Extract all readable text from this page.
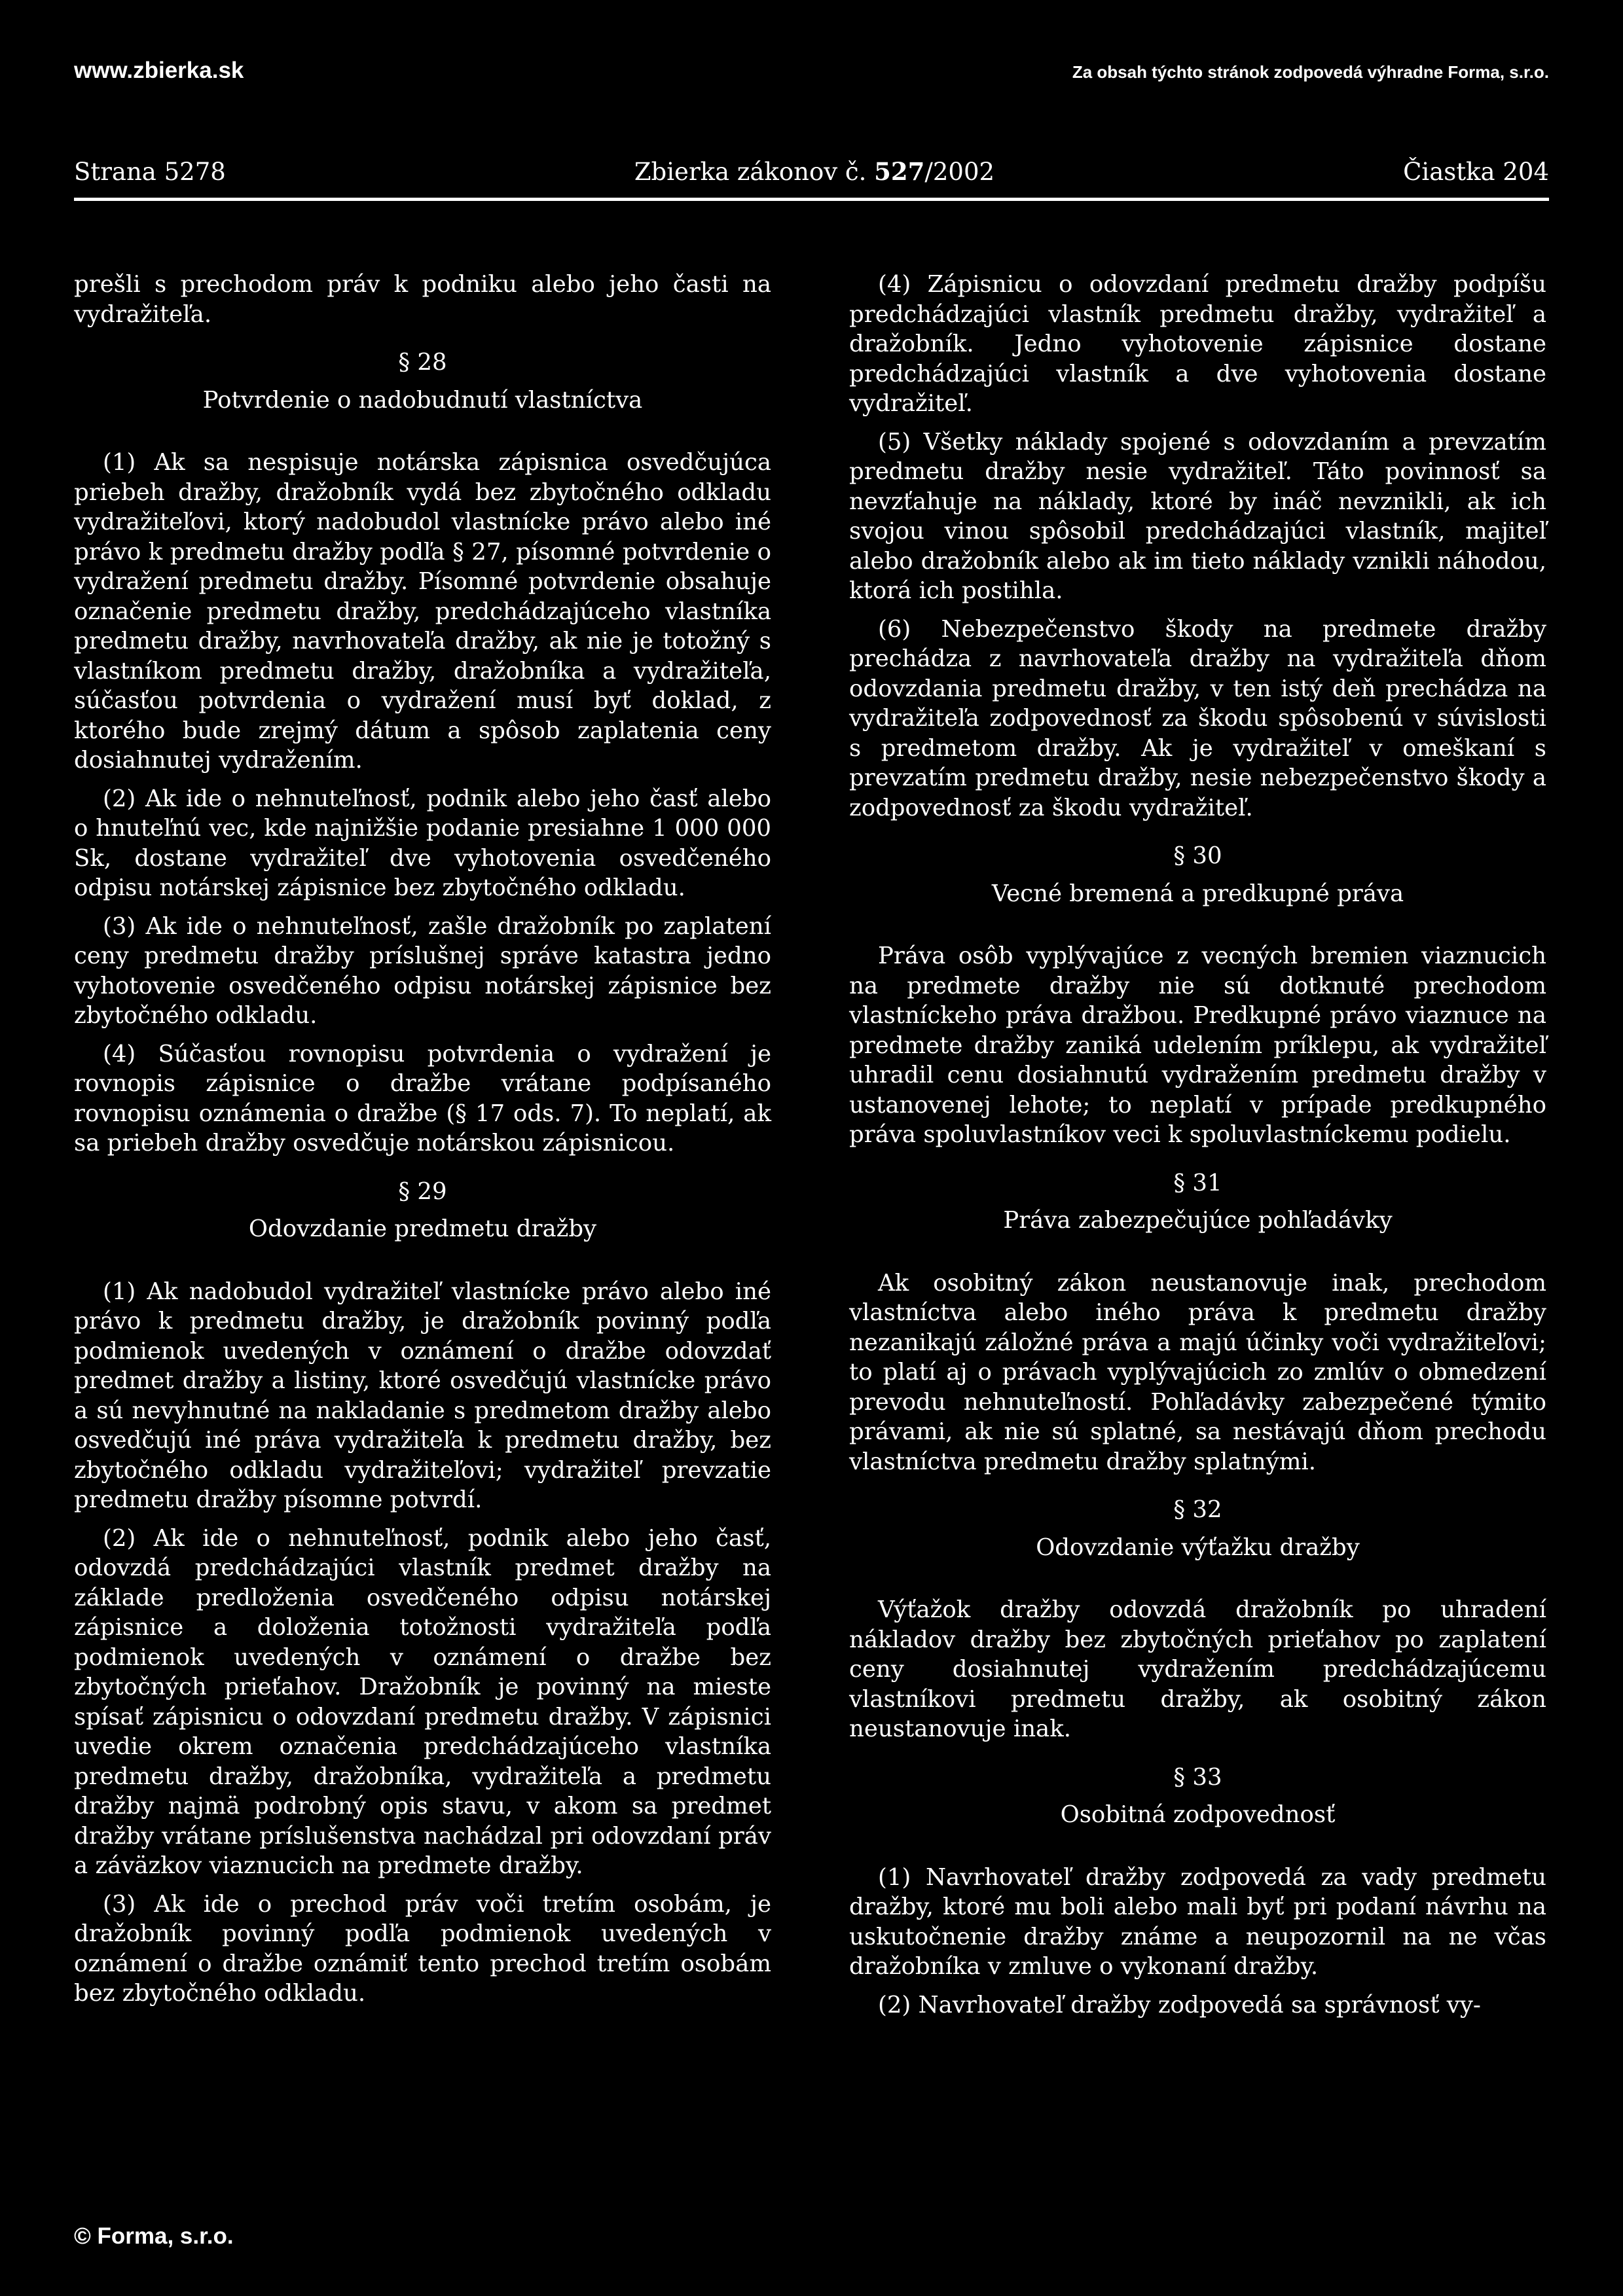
www.zbierka.sk	Za obsah týchto stránok zodpovedá výhradne Forma, s.r.o.
Strana 5278	Zbierka zákonov č. 527/2002	Čiastka 204

prešli s prechodom práv k podniku alebo jeho časti na vydražiteľa.

§ 28
Potvrdenie o nadobudnutí vlastníctva

(1) Ak sa nespisuje notárska zápisnica osvedčujúca priebeh dražby, dražobník vydá bez zbytočného odkladu vydražiteľovi, ktorý nadobudol vlastnícke právo alebo iné právo k predmetu dražby podľa § 27, písomné potvrdenie o vydražení predmetu dražby. Písomné potvrdenie obsahuje označenie predmetu dražby, predchádzajúceho vlastníka predmetu dražby, navrhovateľa dražby, ak nie je totožný s vlastníkom predmetu dražby, dražobníka a vydražiteľa, súčasťou potvrdenia o vydražení musí byť doklad, z ktorého bude zrejmý dátum a spôsob zaplatenia ceny dosiahnutej vydražením.

(2) Ak ide o nehnuteľnosť, podnik alebo jeho časť alebo o hnuteľnú vec, kde najnižšie podanie presiahne 1 000 000 Sk, dostane vydražiteľ dve vyhotovenia osvedčeného odpisu notárskej zápisnice bez zbytočného odkladu.

(3) Ak ide o nehnuteľnosť, zašle dražobník po zaplatení ceny predmetu dražby príslušnej správe katastra jedno vyhotovenie osvedčeného odpisu notárskej zápisnice bez zbytočného odkladu.

(4) Súčasťou rovnopisu potvrdenia o vydražení je rovnopis zápisnice o dražbe vrátane podpísaného rovnopisu oznámenia o dražbe (§ 17 ods. 7). To neplatí, ak sa priebeh dražby osvedčuje notárskou zápisnicou.

§ 29
Odovzdanie predmetu dražby

(1) Ak nadobudol vydražiteľ vlastnícke právo alebo iné právo k predmetu dražby, je dražobník povinný podľa podmienok uvedených v oznámení o dražbe odovzdať predmet dražby a listiny, ktoré osvedčujú vlastnícke právo a sú nevyhnutné na nakladanie s predmetom dražby alebo osvedčujú iné práva vydražiteľa k predmetu dražby, bez zbytočného odkladu vydražiteľovi; vydražiteľ prevzatie predmetu dražby písomne potvrdí.

(2) Ak ide o nehnuteľnosť, podnik alebo jeho časť, odovzdá predchádzajúci vlastník predmet dražby na základe predloženia osvedčeného odpisu notárskej zápisnice a doloženia totožnosti vydražiteľa podľa podmienok uvedených v oznámení o dražbe bez zbytočných prieťahov. Dražobník je povinný na mieste spísať zápisnicu o odovzdaní predmetu dražby. V zápisnici uvedie okrem označenia predchádzajúceho vlastníka predmetu dražby, dražobníka, vydražiteľa a predmetu dražby najmä podrobný opis stavu, v akom sa predmet dražby vrátane príslušenstva nachádzal pri odovzdaní práv a záväzkov viaznucich na predmete dražby.

(3) Ak ide o prechod práv voči tretím osobám, je dražobník povinný podľa podmienok uvedených v oznámení o dražbe oznámiť tento prechod tretím osobám bez zbytočného odkladu.

(4) Zápisnicu o odovzdaní predmetu dražby podpíšu predchádzajúci vlastník predmetu dražby, vydražiteľ a dražobník. Jedno vyhotovenie zápisnice dostane predchádzajúci vlastník a dve vyhotovenia dostane vydražiteľ.

(5) Všetky náklady spojené s odovzdaním a prevzatím predmetu dražby nesie vydražiteľ. Táto povinnosť sa nevzťahuje na náklady, ktoré by ináč nevznikli, ak ich svojou vinou spôsobil predchádzajúci vlastník, majiteľ alebo dražobník alebo ak im tieto náklady vznikli náhodou, ktorá ich postihla.

(6) Nebezpečenstvo škody na predmete dražby prechádza z navrhovateľa dražby na vydražiteľa dňom odovzdania predmetu dražby, v ten istý deň prechádza na vydražiteľa zodpovednosť za škodu spôsobenú v súvislosti s predmetom dražby. Ak je vydražiteľ v omeškaní s prevzatím predmetu dražby, nesie nebezpečenstvo škody a zodpovednosť za škodu vydražiteľ.

§ 30
Vecné bremená a predkupné práva

Práva osôb vyplývajúce z vecných bremien viaznucich na predmete dražby nie sú dotknuté prechodom vlastníckeho práva dražbou. Predkupné právo viaznuce na predmete dražby zaniká udelením príklepu, ak vydražiteľ uhradil cenu dosiahnutú vydražením predmetu dražby v ustanovenej lehote; to neplatí v prípade predkupného práva spoluvlastníkov veci k spoluvlastníckemu podielu.

§ 31
Práva zabezpečujúce pohľadávky

Ak osobitný zákon neustanovuje inak, prechodom vlastníctva alebo iného práva k predmetu dražby nezanikajú záložné práva a majú účinky voči vydražiteľovi; to platí aj o právach vyplývajúcich zo zmlúv o obmedzení prevodu nehnuteľností. Pohľadávky zabezpečené týmito právami, ak nie sú splatné, sa nestávajú dňom prechodu vlastníctva predmetu dražby splatnými.

§ 32
Odovzdanie výťažku dražby

Výťažok dražby odovzdá dražobník po uhradení nákladov dražby bez zbytočných prieťahov po zaplatení ceny dosiahnutej vydražením predchádzajúcemu vlastníkovi predmetu dražby, ak osobitný zákon neustanovuje inak.

§ 33
Osobitná zodpovednosť

(1) Navrhovateľ dražby zodpovedá za vady predmetu dražby, ktoré mu boli alebo mali byť pri podaní návrhu na uskutočnenie dražby známe a neupozornil na ne včas dražobníka v zmluve o vykonaní dražby.

(2) Navrhovateľ dražby zodpovedá sa správnosť vy-

© Forma, s.r.o.
